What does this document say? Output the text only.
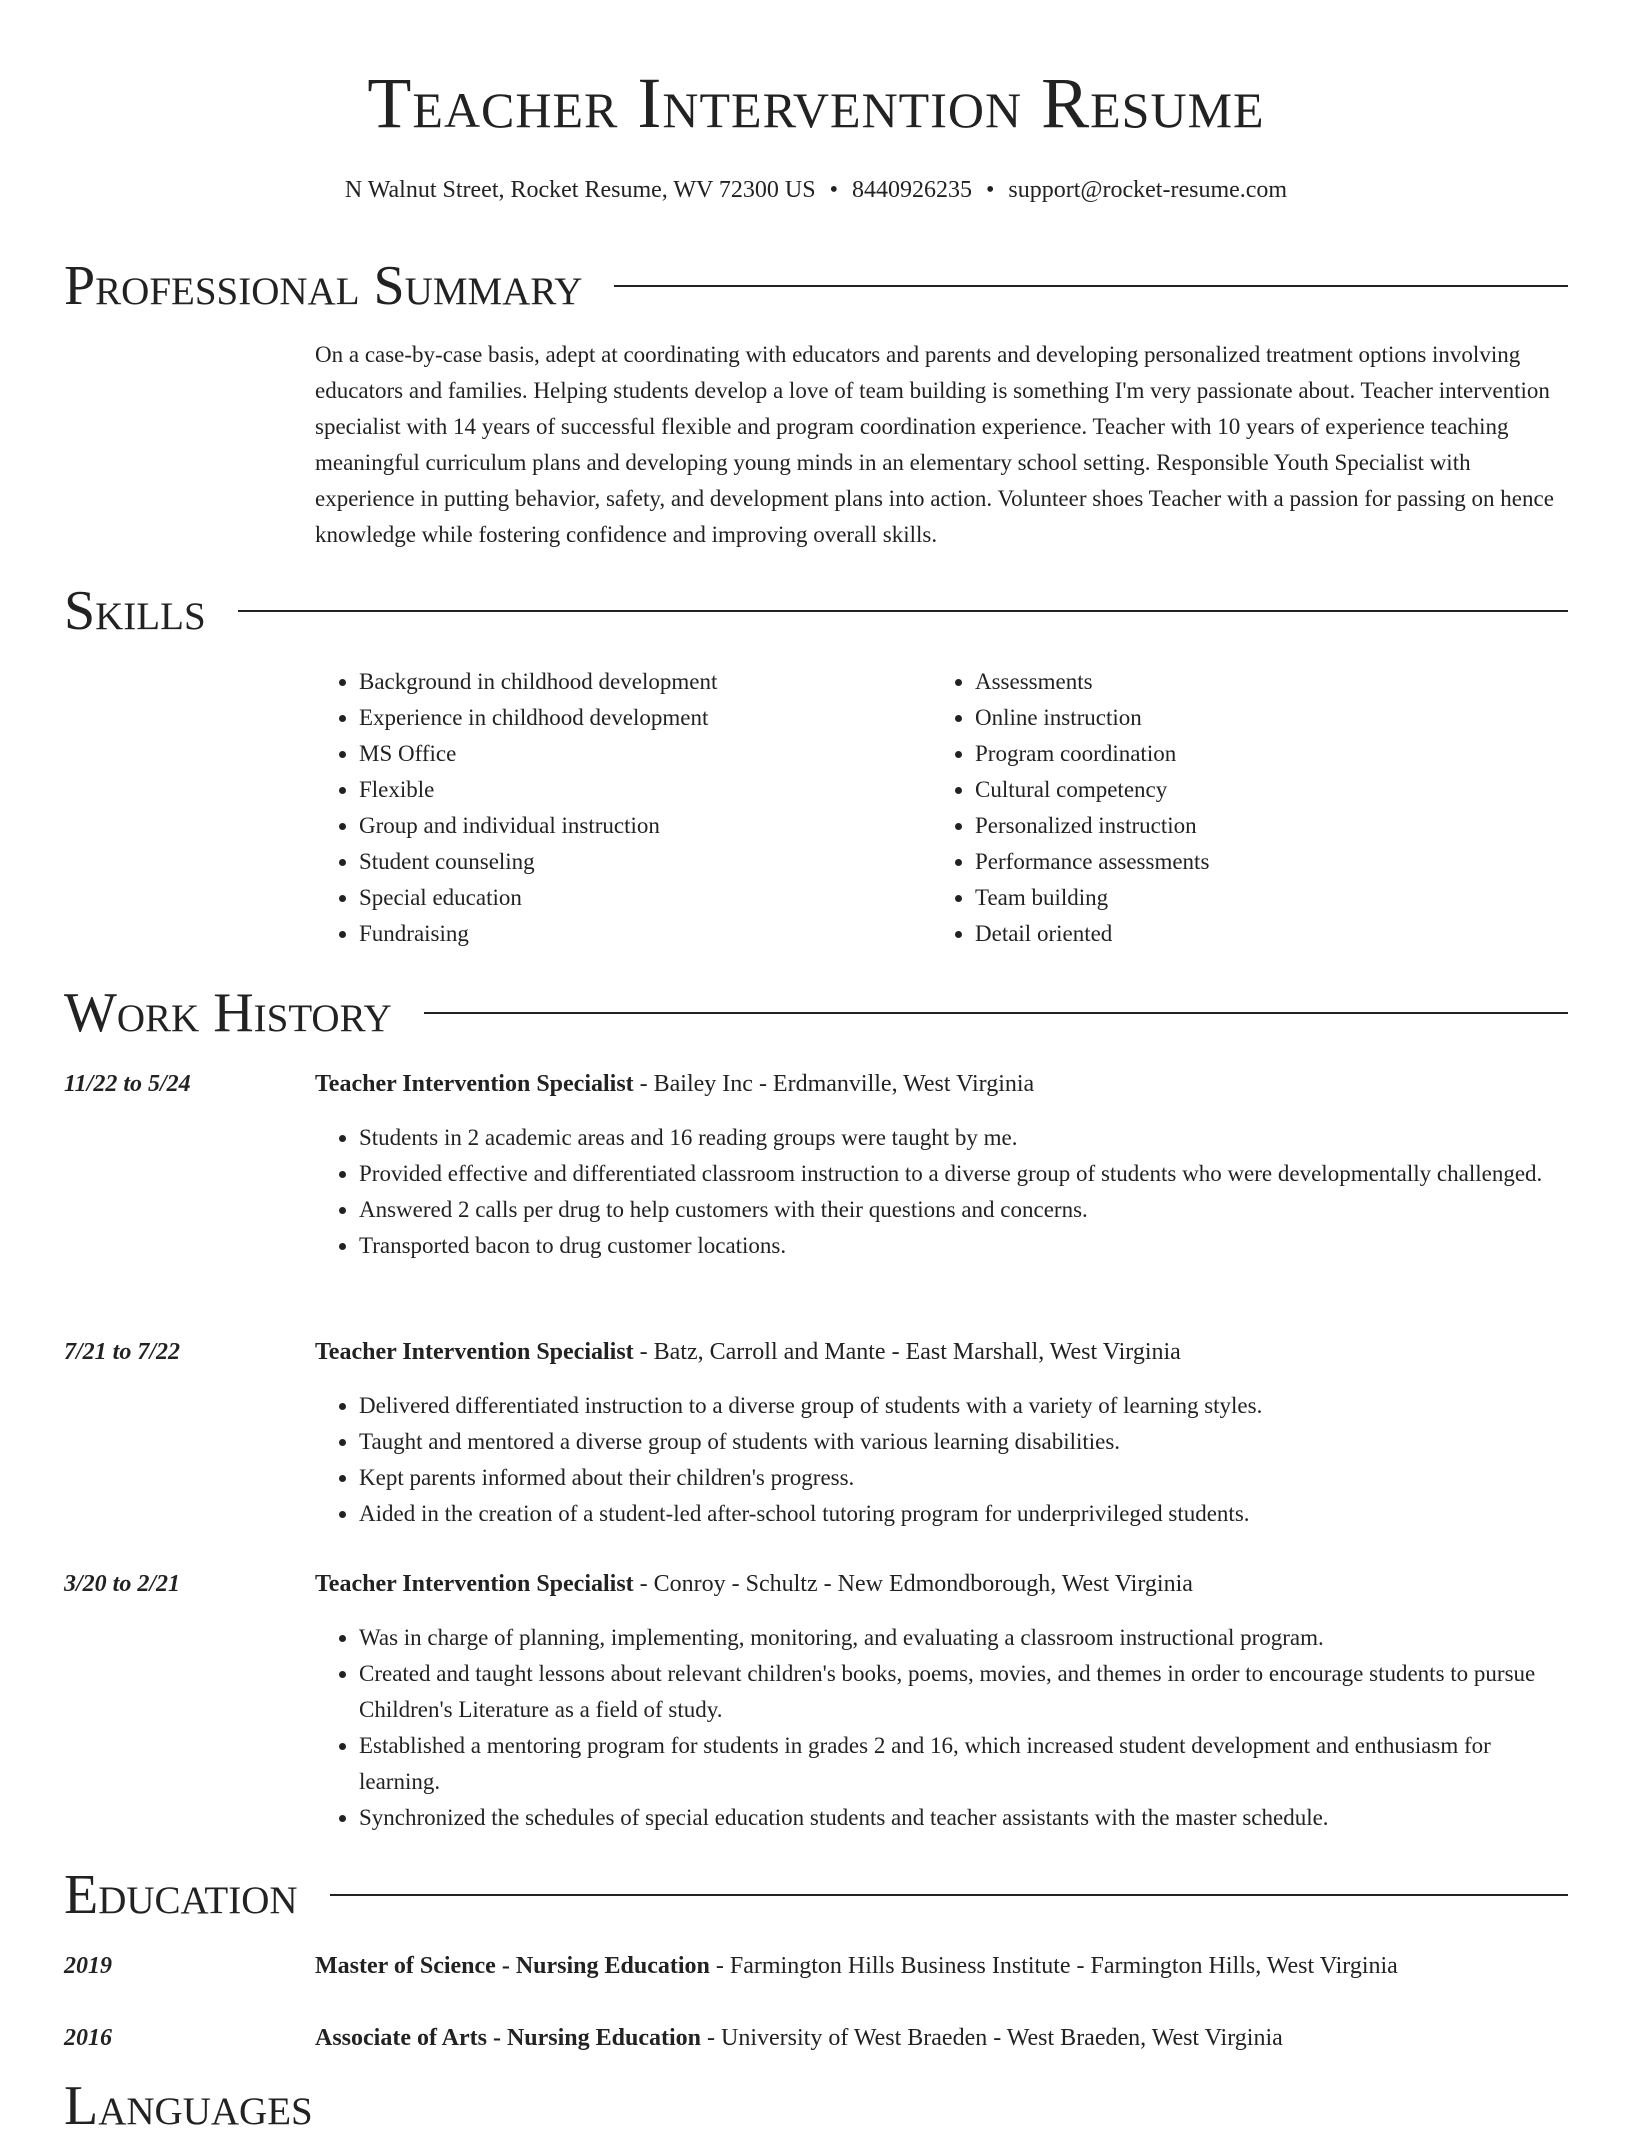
Teacher Intervention Resume
N Walnut Street, Rocket Resume, WV 72300 US • 8440926235 • support@rocket-resume.com
Professional Summary

On a case-by-case basis, adept at coordinating with educators and parents and developing personalized treatment options involving educators and families. Helping students develop a love of team building is something I'm very passionate about. Teacher intervention specialist with 14 years of successful flexible and program coordination experience. Teacher with 10 years of experience teaching meaningful curriculum plans and developing young minds in an elementary school setting. Responsible Youth Specialist with experience in putting behavior, safety, and development plans into action. Volunteer shoes Teacher with a passion for passing on hence knowledge while fostering confidence and improving overall skills.

Skills
• Background in childhood development
• Experience in childhood development
• MS Office
• Flexible
• Group and individual instruction
• Student counseling
• Special education
• Fundraising
• Assessments
• Online instruction
• Program coordination
• Cultural competency
• Personalized instruction
• Performance assessments
• Team building
• Detail oriented
Work History
11/22 to 5/24	Teacher Intervention Specialist - Bailey Inc - Erdmanville, West Virginia
• Students in 2 academic areas and 16 reading groups were taught by me.
• Provided effective and differentiated classroom instruction to a diverse group of students who were developmentally challenged.
• Answered 2 calls per drug to help customers with their questions and concerns.
• Transported bacon to drug customer locations.
7/21 to 7/22	Teacher Intervention Specialist - Batz, Carroll and Mante - East Marshall, West Virginia
• Delivered differentiated instruction to a diverse group of students with a variety of learning styles.
• Taught and mentored a diverse group of students with various learning disabilities.
• Kept parents informed about their children's progress.
• Aided in the creation of a student-led after-school tutoring program for underprivileged students.
3/20 to 2/21	Teacher Intervention Specialist - Conroy - Schultz - New Edmondborough, West Virginia
• Was in charge of planning, implementing, monitoring, and evaluating a classroom instructional program.
• Created and taught lessons about relevant children's books, poems, movies, and themes in order to encourage students to pursue Children's Literature as a field of study.
• Established a mentoring program for students in grades 2 and 16, which increased student development and enthusiasm for learning.
• Synchronized the schedules of special education students and teacher assistants with the master schedule.
Education
2019	Master of Science - Nursing Education - Farmington Hills Business Institute - Farmington Hills, West Virginia
2016	Associate of Arts - Nursing Education - University of West Braeden - West Braeden, West Virginia
Languages
